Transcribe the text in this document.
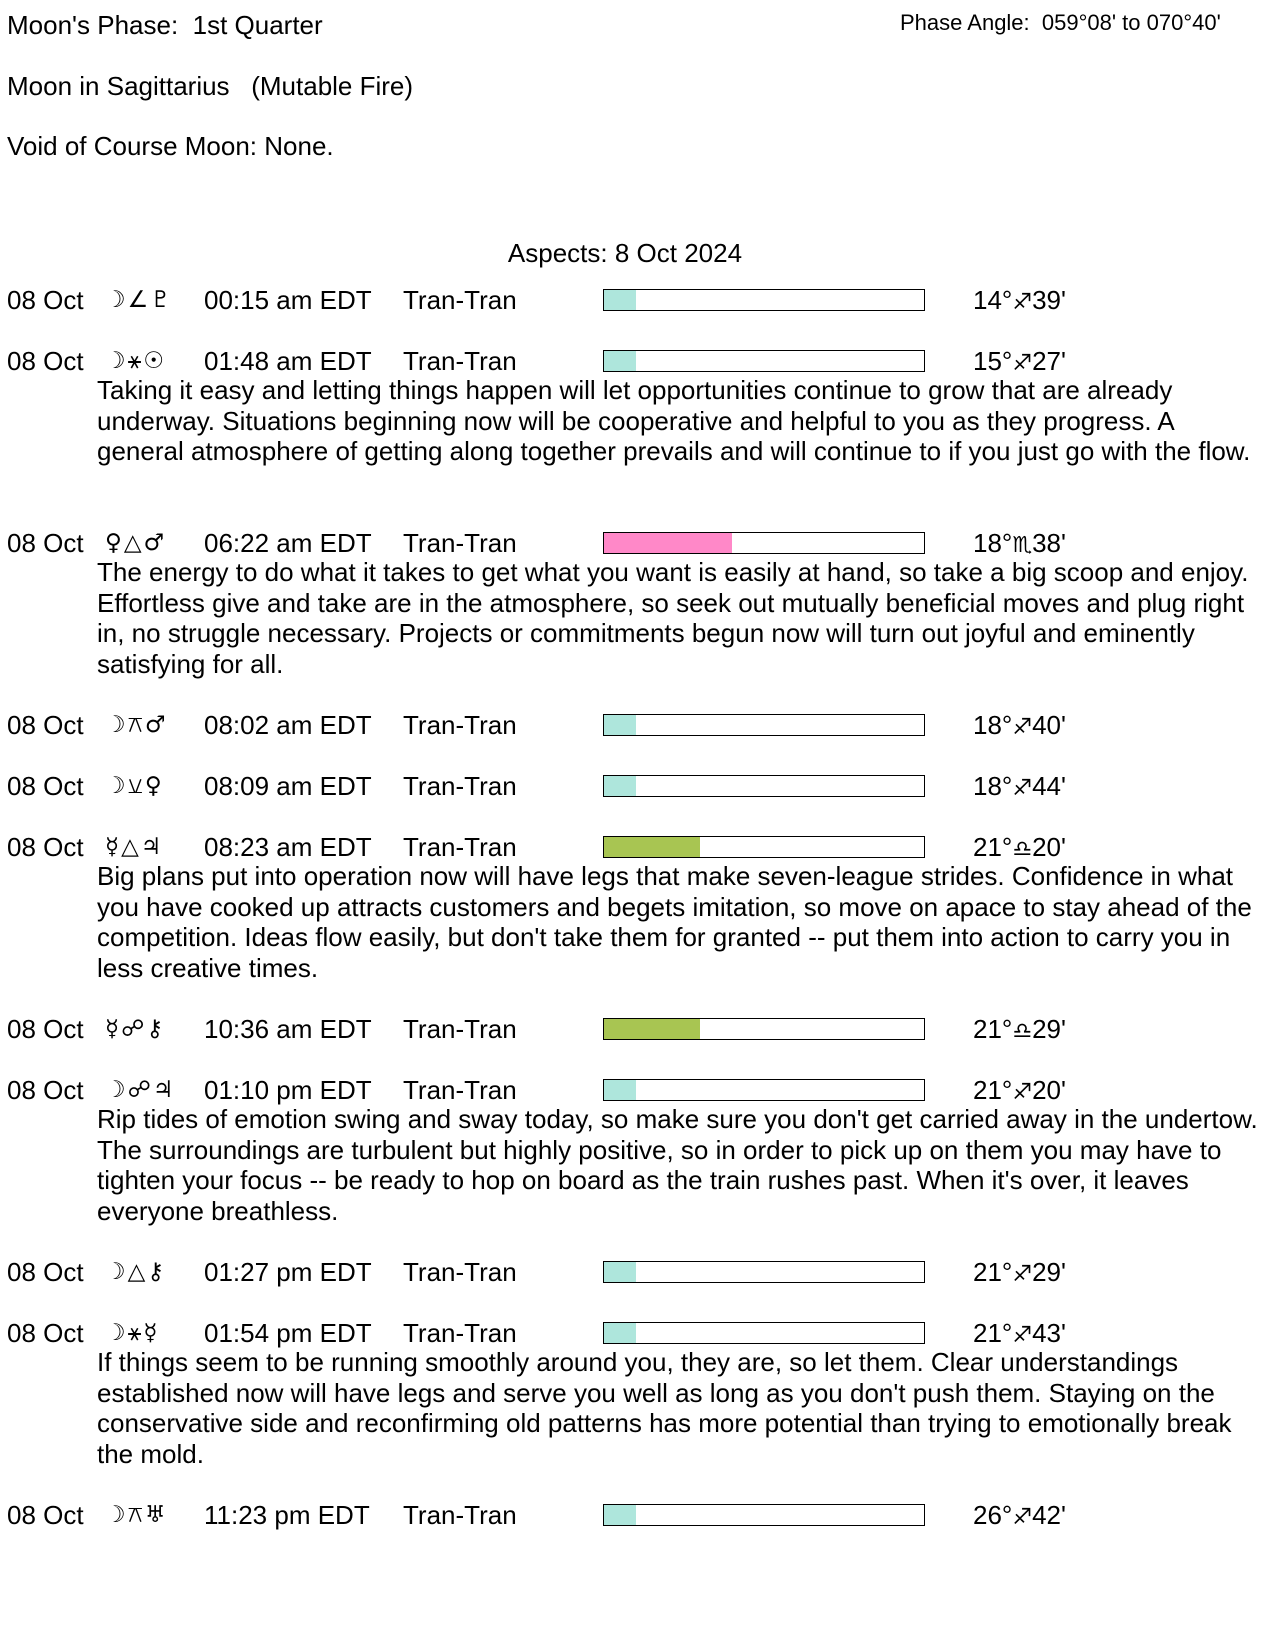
Moon's Phase:  1st Quarter	Phase Angle:  059°08' to 070°40'
Moon in Sagittarius   (Mutable Fire)
Void of Course Moon: None.
Aspects: 8 Oct 2024
08 Oct ☽∠♇ 00:15 am EDT Tran-Tran	14°♐39'
08 Oct ☽⚹☉ 01:48 am EDT Tran-Tran	15°♐27'
Taking it easy and letting things happen will let opportunities continue to grow that are already underway. Situations beginning now will be cooperative and helpful to you as they progress. A general atmosphere of getting along together prevails and will continue to if you just go with the flow.
08 Oct ♀△♂ 06:22 am EDT Tran-Tran	18°♏38'
The energy to do what it takes to get what you want is easily at hand, so take a big scoop and enjoy. Effortless give and take are in the atmosphere, so seek out mutually beneficial moves and plug right in, no struggle necessary. Projects or commitments begun now will turn out joyful and eminently satisfying for all.
08 Oct ☽⚻♂ 08:02 am EDT Tran-Tran	18°♐40'
08 Oct ☽⚺♀ 08:09 am EDT Tran-Tran	18°♐44'
08 Oct ☿△♃ 08:23 am EDT Tran-Tran	21°♎20'
Big plans put into operation now will have legs that make seven-league strides. Confidence in what you have cooked up attracts customers and begets imitation, so move on apace to stay ahead of the competition. Ideas flow easily, but don't take them for granted -- put them into action to carry you in less creative times.
08 Oct ☿☍⚷ 10:36 am EDT Tran-Tran	21°♎29'
08 Oct ☽☍♃ 01:10 pm EDT Tran-Tran	21°♐20'
Rip tides of emotion swing and sway today, so make sure you don't get carried away in the undertow. The surroundings are turbulent but highly positive, so in order to pick up on them you may have to tighten your focus -- be ready to hop on board as the train rushes past. When it's over, it leaves everyone breathless.
08 Oct ☽△⚷ 01:27 pm EDT Tran-Tran	21°♐29'
08 Oct ☽⚹☿ 01:54 pm EDT Tran-Tran	21°♐43'
If things seem to be running smoothly around you, they are, so let them. Clear understandings established now will have legs and serve you well as long as you don't push them. Staying on the conservative side and reconfirming old patterns has more potential than trying to emotionally break the mold.
08 Oct ☽⚻♅ 11:23 pm EDT Tran-Tran	26°♐42'
